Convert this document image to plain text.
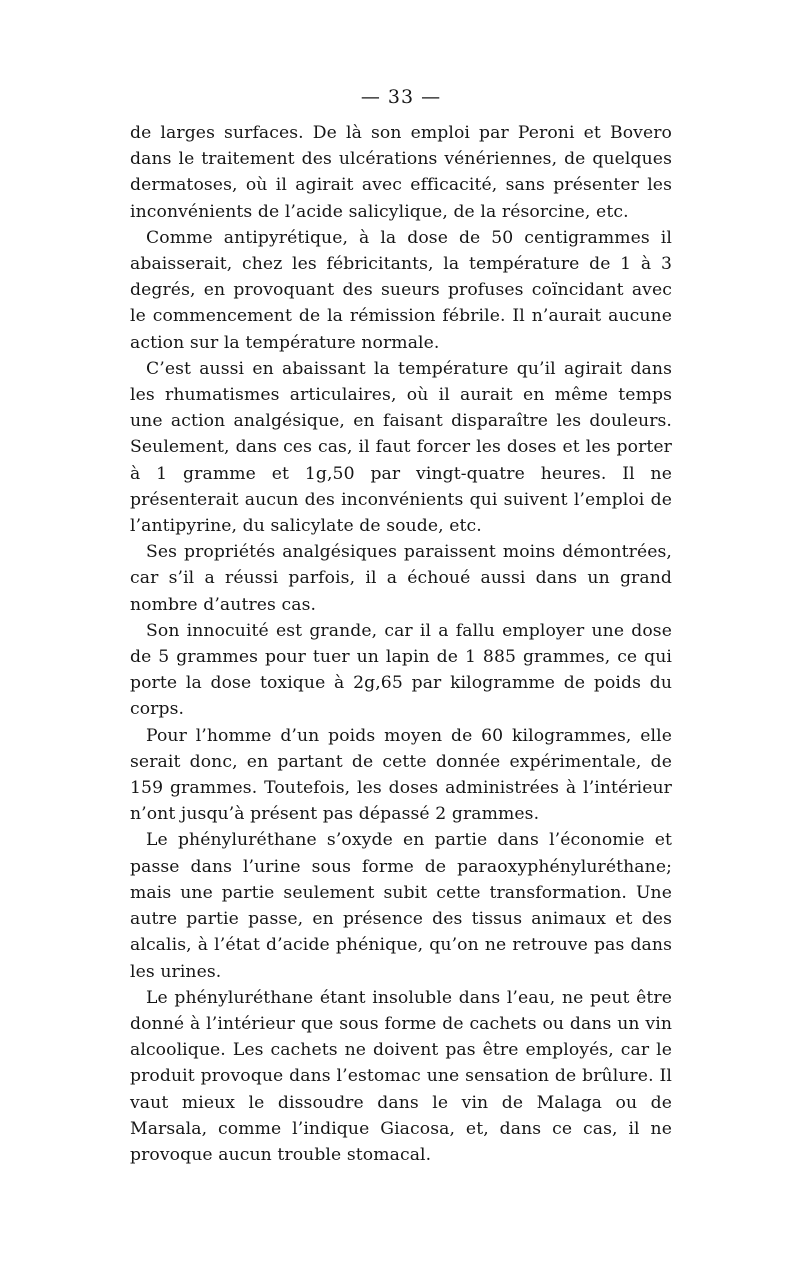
— 33 —

de larges surfaces. De là son emploi par Peroni et Bovero dans le traitement des ulcérations vénériennes, de quelques dermatoses, où il agirait avec efficacité, sans présenter les inconvénients de l’acide salicylique, de la résorcine, etc.

Comme antipyrétique, à la dose de 50 centigrammes il abaisserait, chez les fébricitants, la température de 1 à 3 degrés, en provoquant des sueurs profuses coïncidant avec le commencement de la rémission fébrile. Il n’aurait aucune action sur la température normale.

C’est aussi en abaissant la température qu’il agirait dans les rhumatismes articulaires, où il aurait en même temps une action analgésique, en faisant disparaître les douleurs. Seulement, dans ces cas, il faut forcer les doses et les porter à 1 gramme et 1g,50 par vingt-quatre heures. Il ne présenterait aucun des inconvénients qui suivent l’emploi de l’antipyrine, du salicylate de soude, etc.

Ses propriétés analgésiques paraissent moins démontrées, car s’il a réussi parfois, il a échoué aussi dans un grand nombre d’autres cas.

Son innocuité est grande, car il a fallu employer une dose de 5 grammes pour tuer un lapin de 1 885 grammes, ce qui porte la dose toxique à 2g,65 par kilogramme de poids du corps.

Pour l’homme d’un poids moyen de 60 kilogrammes, elle serait donc, en partant de cette donnée expérimentale, de 159 grammes. Toutefois, les doses administrées à l’intérieur n’ont jusqu’à présent pas dépassé 2 grammes.

Le phényluréthane s’oxyde en partie dans l’économie et passe dans l’urine sous forme de paraoxyphényluréthane; mais une partie seulement subit cette transformation. Une autre partie passe, en présence des tissus animaux et des alcalis, à l’état d’acide phénique, qu’on ne retrouve pas dans les urines.

Le phényluréthane étant insoluble dans l’eau, ne peut être donné à l’intérieur que sous forme de cachets ou dans un vin alcoolique. Les cachets ne doivent pas être employés, car le produit provoque dans l’estomac une sensation de brûlure. Il vaut mieux le dissoudre dans le vin de Malaga ou de Marsala, comme l’indique Giacosa, et, dans ce cas, il ne provoque aucun trouble stomacal.
